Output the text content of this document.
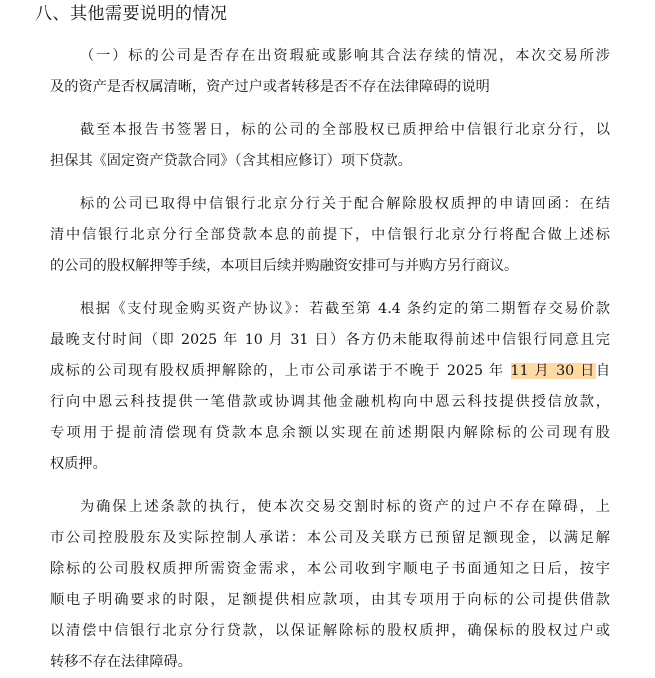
八、其他需要说明的情况
（一）标的公司是否存在出资瑕疵或影响其合法存续的情况，本次交易所涉
及的资产是否权属清晰，资产过户或者转移是否不存在法律障碍的说明
截至本报告书签署日，标的公司的全部股权已质押给中信银行北京分行，以
担保其《固定资产贷款合同》（含其相应修订）项下贷款。
标的公司已取得中信银行北京分行关于配合解除股权质押的申请回函：在结
清中信银行北京分行全部贷款本息的前提下，中信银行北京分行将配合做上述标
的公司的股权解押等手续，本项目后续并购融资安排可与并购方另行商议。
根据《支付现金购买资产协议》：若截至第 4.4 条约定的第二期暂存交易价款
最晚支付时间（即 2025 年 10 月 31 日）各方仍未能取得前述中信银行同意且完
成标的公司现有股权质押解除的，上市公司承诺于不晚于 2025 年 11 月 30 日自
行向中恩云科技提供一笔借款或协调其他金融机构向中恩云科技提供授信放款，
专项用于提前清偿现有贷款本息余额以实现在前述期限内解除标的公司现有股
权质押。
为确保上述条款的执行，使本次交易交割时标的资产的过户不存在障碍，上
市公司控股股东及实际控制人承诺：本公司及关联方已预留足额现金，以满足解
除标的公司股权质押所需资金需求，本公司收到宇顺电子书面通知之日后，按宇
顺电子明确要求的时限，足额提供相应款项，由其专项用于向标的公司提供借款
以清偿中信银行北京分行贷款，以保证解除标的股权质押，确保标的股权过户或
转移不存在法律障碍。
